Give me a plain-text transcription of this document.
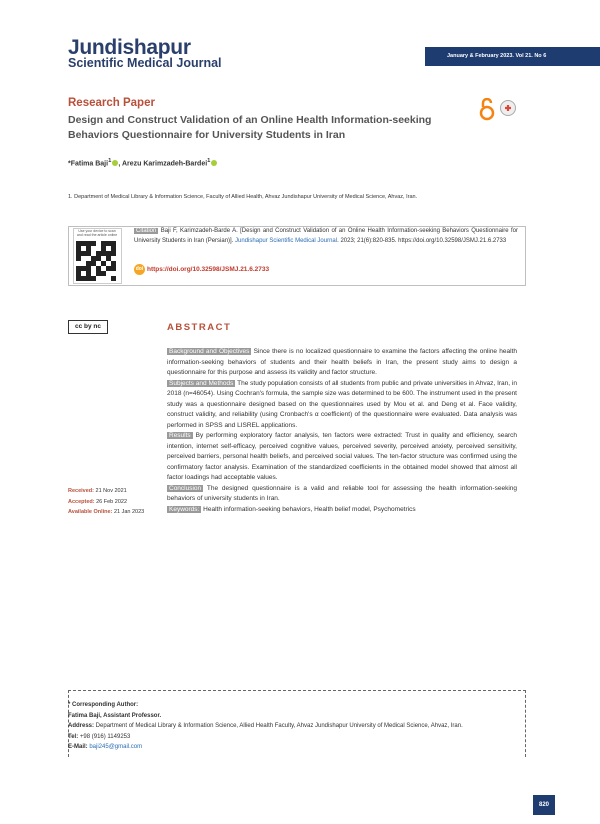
Jundishapur
Scientific Medical Journal	January & February 2023. Vol 21. No 6
Research Paper
Design and Construct Validation of an Online Health Information-seeking Behaviors Questionnaire for University Students in Iran
*Fatima Baji$^1$ , Arezu Karimzadeh-Bardei$^1$
1. Department of Medical Library & Information Science, Faculty of Allied Health, Ahvaz Jundishapur University of Medical Science, Ahvaz, Iran.
Use your device to scan and read the article online
Citation Baji F, Karimzadeh-Barde A. [Design and Construct Validation of an Online Health Information-seeking Behaviors Questionnaire for University Students in Iran (Persian)]. Jundishapur Scientific Medical Journal. 2023; 21(6):820-835. https://doi.org/10.32598/JSMJ.21.6.2733
doi https://doi.org/10.32598/JSMJ.21.6.2733
cc by nc	ABSTRACT

Background and Objectives Since there is no localized questionnaire to examine the factors affecting the online health information-seeking behaviors of students and their health beliefs in Iran, the present study aims to design a questionnaire for this purpose and assess its validity and factor structure.

Subjects and Methods The study population consists of all students from public and private universities in Ahvaz, Iran, in 2018 (n=46054). Using Cochran's formula, the sample size was determined to be 600. The instrument used in the present study was a questionnaire designed based on the questionnaires used by Mou et al. and Deng et al. Face validity, construct validity, and reliability (using Cronbach's α coefficient) of the questionnaire were evaluated. Data analysis was performed in SPSS and LISREL applications.

Results By performing exploratory factor analysis, ten factors were extracted: Trust in quality and efficiency, search intention, internet self-efficacy, perceived cognitive values, perceived severity, perceived anxiety, perceived sensitivity, perceived barriers, personal health beliefs, and perceived social values. The ten-factor structure was confirmed using the confirmatory factor analysis. Examination of the standardized coefficients in the obtained model showed that almost all factor loadings had acceptable values.

Conclusion The designed questionnaire is a valid and reliable tool for assessing the health information-seeking behaviors of university students in Iran.

Keywords: Health information-seeking behaviors, Health belief model, Psychometrics

Received: 21 Nov 2021
Accepted: 26 Feb 2022
Available Online: 21 Jan 2023
* Corresponding Author:
Fatima Baji, Assistant Professor.
Address: Department of Medical Library & Information Science, Allied Health Faculty, Ahvaz Jundishapur University of Medical Science, Ahvaz, Iran.
Tel: +98 (916) 1149253
E-Mail: baji245@gmail.com
820
